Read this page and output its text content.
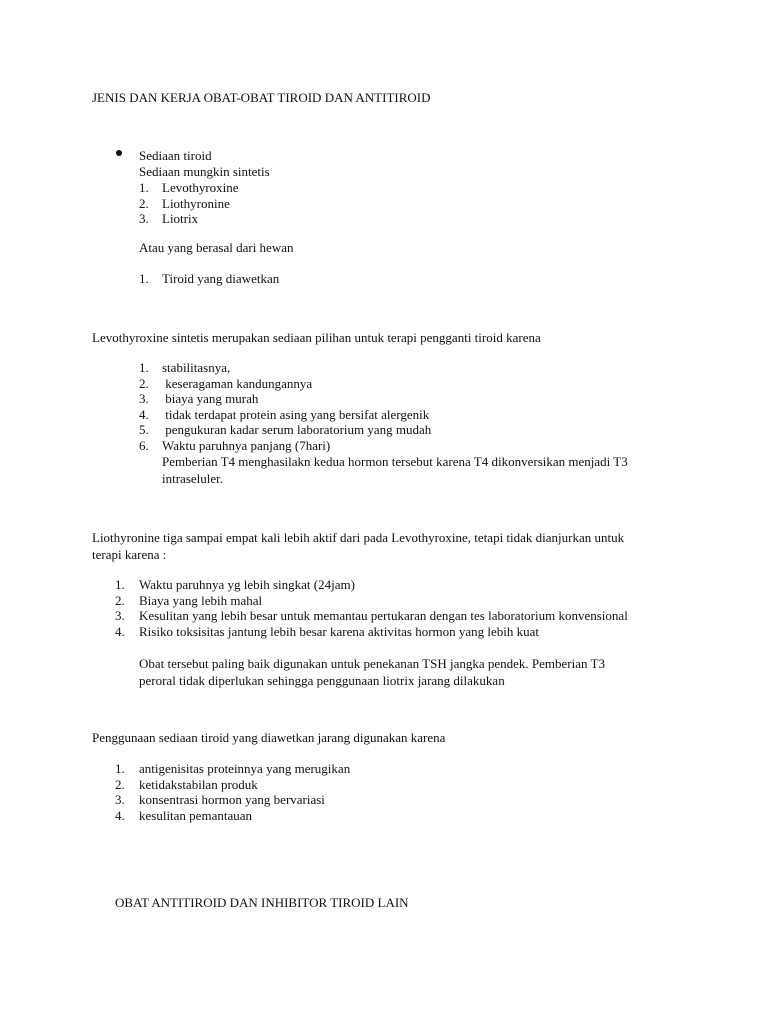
JENIS DAN KERJA OBAT-OBAT TIROID DAN ANTITIROID
Sediaan tiroid
Sediaan mungkin sintetis
1.	Levothyroxine
2.	Liothyronine
3.	Liotrix
Atau yang berasal dari hewan
1.	Tiroid yang diawetkan
Levothyroxine sintetis merupakan sediaan pilihan untuk terapi pengganti tiroid karena
1.	stabilitasnya,
2.	keseragaman kandungannya
3.	biaya yang murah
4.	tidak terdapat protein asing yang bersifat alergenik
5.	pengukuran kadar serum laboratorium yang mudah
6.	Waktu paruhnya panjang (7hari)
Pemberian T4 menghasilakn kedua hormon tersebut karena T4 dikonversikan menjadi T3
intraseluler.
Liothyronine tiga sampai empat kali lebih aktif dari pada Levothyroxine, tetapi tidak dianjurkan untuk
terapi karena :
1.	Waktu paruhnya yg lebih singkat (24jam)
2.	Biaya yang lebih mahal
3.	Kesulitan yang lebih besar untuk memantau pertukaran dengan tes laboratorium konvensional
4.	Risiko toksisitas jantung lebih besar karena aktivitas hormon yang lebih kuat
Obat tersebut paling baik digunakan untuk penekanan TSH jangka pendek. Pemberian T3
peroral tidak diperlukan sehingga penggunaan liotrix jarang dilakukan
Penggunaan sediaan tiroid yang diawetkan jarang digunakan karena
1.	antigenisitas proteinnya yang merugikan
2.	ketidakstabilan produk
3.	konsentrasi hormon yang bervariasi
4.	kesulitan pemantauan
OBAT ANTITIROID DAN INHIBITOR TIROID LAIN
